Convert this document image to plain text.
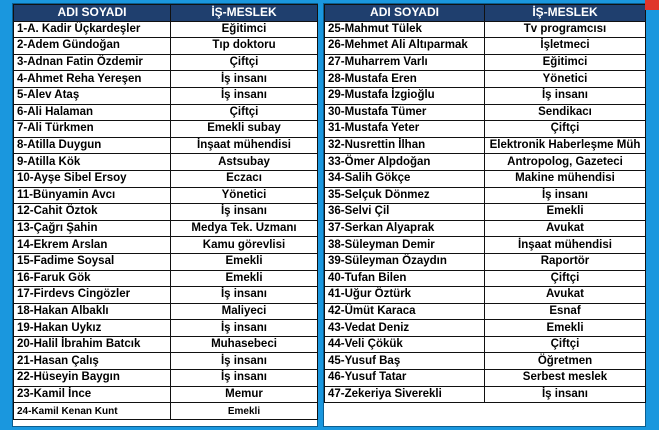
ADI SOYADI	İŞ-MESLEK
1-A. Kadir Üçkardeşler	Eğitimci
2-Adem Gündoğan	Tıp doktoru
3-Adnan Fatin Özdemir	Çiftçi
4-Ahmet Reha Yereşen	İş insanı
5-Alev Ataş	İş insanı
6-Ali Halaman	Çiftçi
7-Ali Türkmen	Emekli subay
8-Atilla Duygun	İnşaat mühendisi
9-Atilla Kök	Astsubay
10-Ayşe Sibel Ersoy	Eczacı
11-Bünyamin Avcı	Yönetici
12-Cahit Öztok	İş insanı
13-Çağrı Şahin	Medya Tek. Uzmanı
14-Ekrem Arslan	Kamu görevlisi
15-Fadime Soysal	Emekli
16-Faruk Gök	Emekli
17-Firdevs Cingözler	İş insanı
18-Hakan Albaklı	Maliyeci
19-Hakan Uykız	İş insanı
20-Halil İbrahim Batcık	Muhasebeci
21-Hasan Çalış	İş insanı
22-Hüseyin Baygın	İş insanı
23-Kamil İnce	Memur
24-Kamil Kenan Kunt	Emekli
ADI SOYADI	İŞ-MESLEK
25-Mahmut Tülek	Tv programcısı
26-Mehmet Ali Altıparmak	İşletmeci
27-Muharrem Varlı	Eğitimci
28-Mustafa Eren	Yönetici
29-Mustafa İzgioğlu	İş insanı
30-Mustafa Tümer	Sendikacı
31-Mustafa Yeter	Çiftçi
32-Nusrettin İlhan	Elektronik Haberleşme Müh
33-Ömer Alpdoğan	Antropolog, Gazeteci
34-Salih Gökçe	Makine mühendisi
35-Selçuk Dönmez	İş insanı
36-Selvi Çil	Emekli
37-Serkan Alyaprak	Avukat
38-Süleyman Demir	İnşaat mühendisi
39-Süleyman Özaydın	Raportör
40-Tufan Bilen	Çiftçi
41-Uğur Öztürk	Avukat
42-Ümüt Karaca	Esnaf
43-Vedat Deniz	Emekli
44-Veli Çökük	Çiftçi
45-Yusuf Baş	Öğretmen
46-Yusuf Tatar	Serbest meslek
47-Zekeriya Siverekli	İş insanı
